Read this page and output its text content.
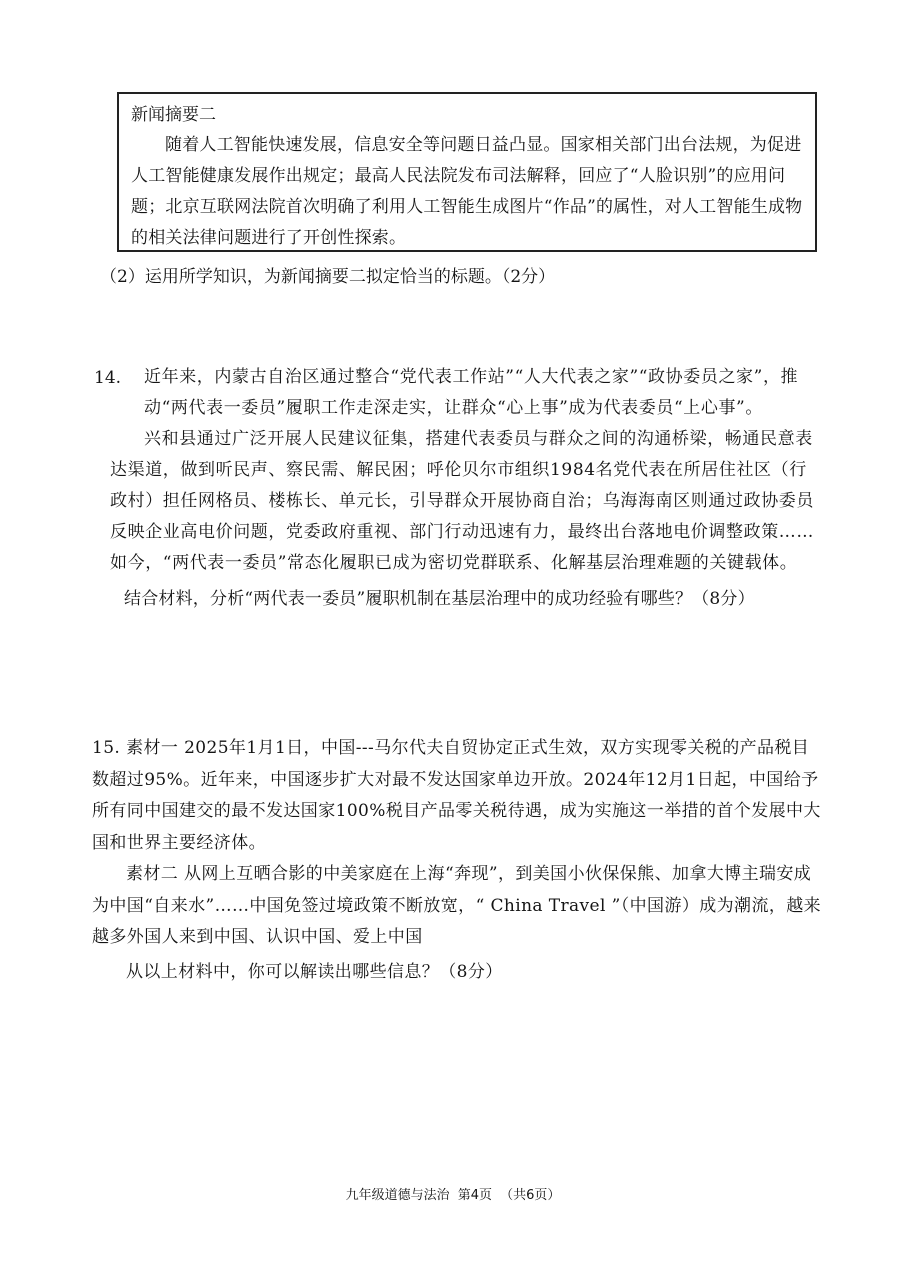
新闻摘要二

随着人工智能快速发展，信息安全等问题日益凸显。国家相关部门出台法规，为促进人工智能健康发展作出规定；最高人民法院发布司法解释，回应了“人脸识别”的应用问题；北京互联网法院首次明确了利用人工智能生成图片“作品”的属性，对人工智能生成物的相关法律问题进行了开创性探索。

（2）运用所学知识，为新闻摘要二拟定恰当的标题。（2分）

14.	近年来，内蒙古自治区通过整合“党代表工作站”“人大代表之家”“政协委员之家”，推动“两代表一委员”履职工作走深走实，让群众“心上事”成为代表委员“上心事”。

兴和县通过广泛开展人民建议征集，搭建代表委员与群众之间的沟通桥梁，畅通民意表达渠道，做到听民声、察民需、解民困；呼伦贝尔市组织1984名党代表在所居住社区（行政村）担任网格员、楼栋长、单元长，引导群众开展协商自治；乌海海南区则通过政协委员反映企业高电价问题，党委政府重视、部门行动迅速有力，最终出台落地电价调整政策……如今，“两代表一委员”常态化履职已成为密切党群联系、化解基层治理难题的关键载体。

结合材料，分析“两代表一委员”履职机制在基层治理中的成功经验有哪些？（8分）

15. 素材一 2025年1月1日，中国---马尔代夫自贸协定正式生效，双方实现零关税的产品税目数超过95%。近年来，中国逐步扩大对最不发达国家单边开放。2024年12月1日起，中国给予所有同中国建交的最不发达国家100%税目产品零关税待遇，成为实施这一举措的首个发展中大国和世界主要经济体。

素材二 从网上互晒合影的中美家庭在上海“奔现”，到美国小伙保保熊、加拿大博主瑞安成为中国“自来水”……中国免签过境政策不断放宽，“ China Travel ”（中国游）成为潮流，越来越多外国人来到中国、认识中国、爱上中国

从以上材料中，你可以解读出哪些信息？（8分）

九年级道德与法治 第4页 （共6页）
